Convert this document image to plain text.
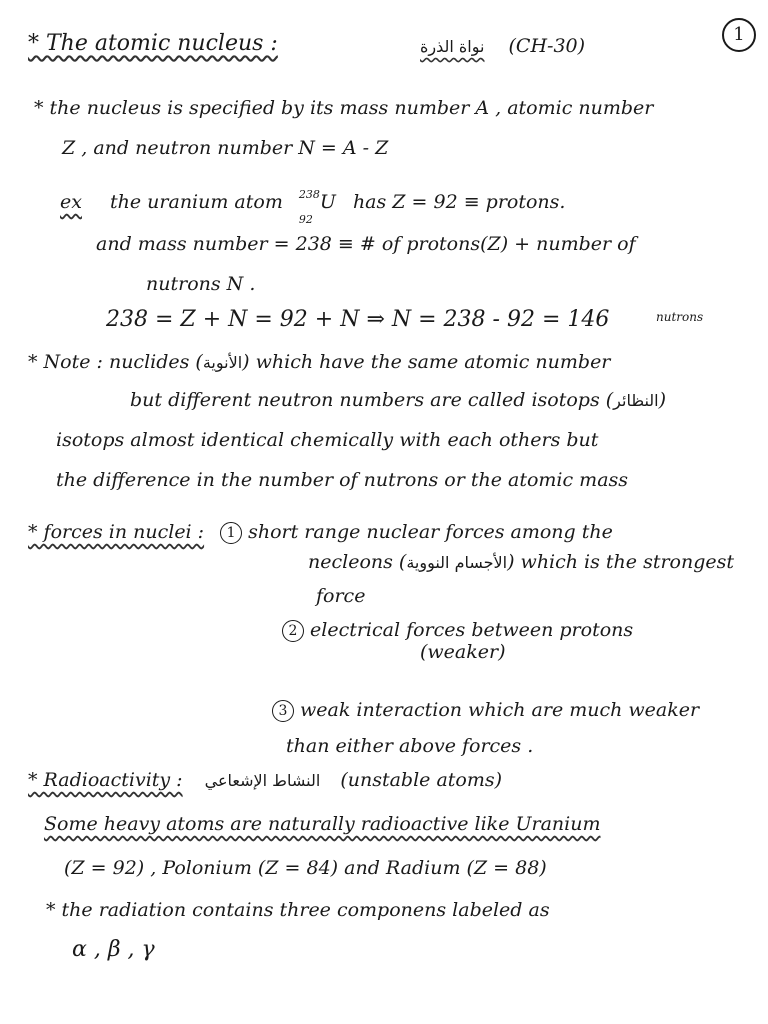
1
* The atomic nucleus :	نواة الذرة (CH-30)
* the nucleus is specified by its mass number A , atomic number
Z , and neutron number N = A - Z
ex the uranium atom $^{238}$
92
U has Z = 92 ≡ protons.
and mass number = 238 ≡ # of protons(Z) + number of
nutrons N .
238 = Z + N = 92 + N ⇒ N = 238 - 92 = 146	nutrons
* Note : nuclides (الأنوية) which have the same atomic number
but different neutron numbers are called isotops (النظائر)
isotops almost identical chemically with each others but
the difference in the number of nutrons or the atomic mass
* forces in nuclei : 1 short range nuclear forces among the
necleons (الأجسام النووية) which is the strongest
force
2 electrical forces between protons
(weaker)
3 weak interaction which are much weaker
than either above forces .
* Radioactivity : النشاط الإشعاعي (unstable atoms)
Some heavy atoms are naturally radioactive like Uranium
(Z = 92) , Polonium (Z = 84) and Radium (Z = 88)
* the radiation contains three componens labeled as
α , β , γ
